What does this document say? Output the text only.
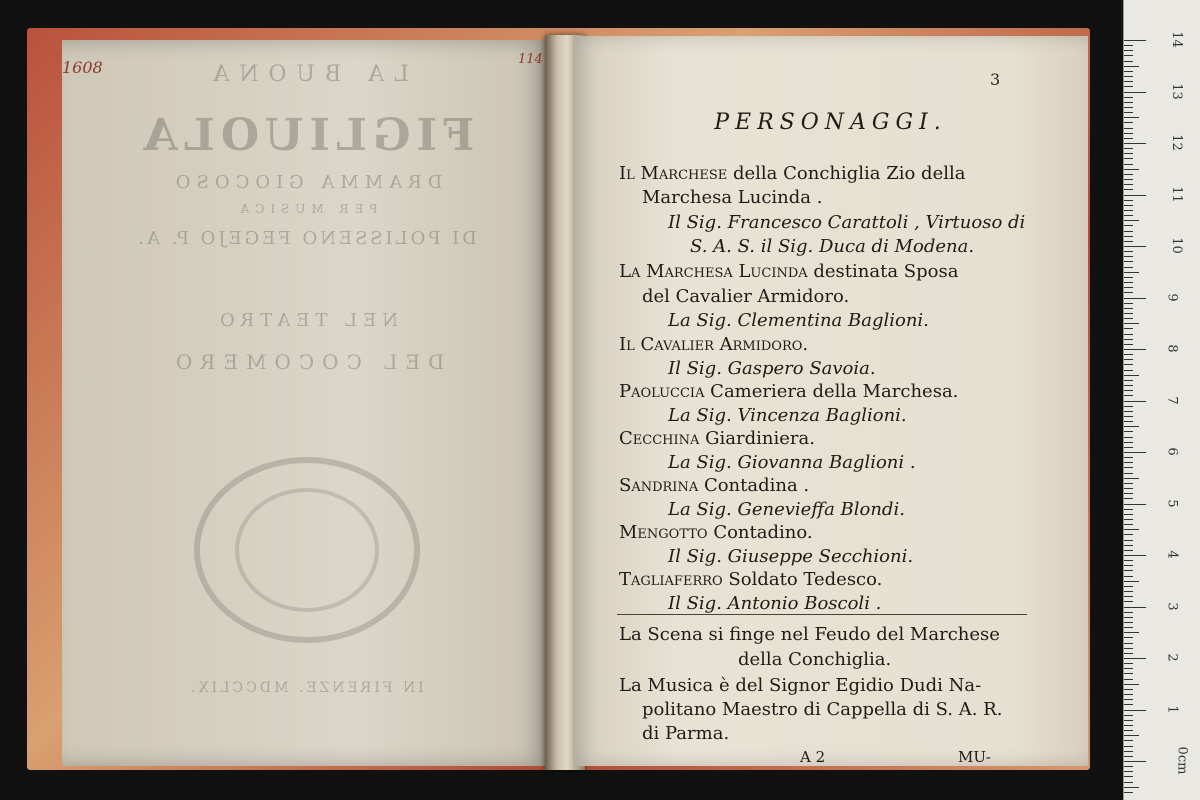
LA BUONA
FIGLIUOLA
DRAMMA GIOCOSO
PER MUSICA
DI POLISSENO FEGEJO P. A.
NEL TEATRO
DEL COCOMERO
IN FIRENZE. MDCCLIX.
1608	114
3
PERSONAGGI.
Il Marchese della Conchiglia Zio della
Marchesa Lucinda .
Il Sig. Francesco Carattoli , Virtuoso di
S. A. S. il Sig. Duca di Modena.
La Marchesa Lucinda destinata Sposa
del Cavalier Armidoro.
La Sig. Clementina Baglioni.
Il Cavalier Armidoro.
Il Sig. Gaspero Savoia.
Paoluccia Cameriera della Marchesa.
La Sig. Vincenza Baglioni.
Cecchina Giardiniera.
La Sig. Giovanna Baglioni .
Sandrina Contadina .
La Sig. Genevieffa Blondi.
Mengotto Contadino.
Il Sig. Giuseppe Secchioni.
Tagliaferro Soldato Tedesco.
Il Sig. Antonio Boscoli .
La Scena si finge nel Feudo del Marchese
della Conchiglia.
La Musica è del Signor Egidio Dudi Na-
politano Maestro di Cappella di S. A. R.
di Parma.
A 2	MU-
14
13
12
11
10
9
8
7
6
5
4
3
2
1
0cm
